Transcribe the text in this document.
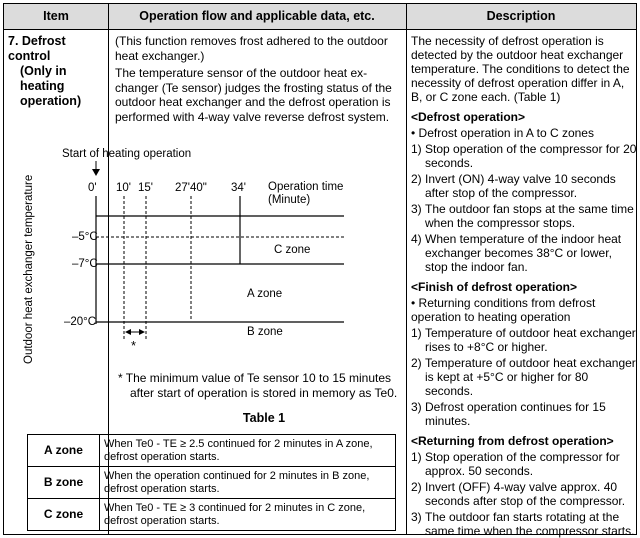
Item	Operation flow and applicable data, etc.	Description
7. Defrost control
(Only in heating
operation)

(This function removes frost adhered to the outdoor heat exchanger.)

The temperature sensor of the outdoor heat ex-changer (Te sensor) judges the frosting status of the outdoor heat exchanger and the defrost operation is performed with 4-way valve reverse defrost system.

Start of heating operation
Outdoor heat exchanger temperature	0' 10' 15' 27'40" 34' Operation time
(Minute)
–5°C
–7°C
–20°C
C zone
A zone
B zone
*
* The minimum value of Te sensor 10 to 15 minutes
after start of operation is stored in memory as Te0.
Table 1
A zone	When Te0 - TE ≥ 2.5 continued for 2 minutes in A zone, defrost operation starts.
B zone	When the operation continued for 2 minutes in B zone, defrost operation starts.
C zone	When Te0 - TE ≥ 3 continued for 2 minutes in C zone, defrost operation starts.

The necessity of defrost operation is detected by the outdoor heat exchanger temperature. The conditions to detect the necessity of defrost operation differ in A, B, or C zone each. (Table 1)

<Defrost operation>

• Defrost operation in A to C zones

1) Stop operation of the compressor for 20 seconds.
2) Invert (ON) 4-way valve 10 seconds after stop of the compressor.
3) The outdoor fan stops at the same time when the compressor stops.
4) When temperature of the indoor heat exchanger becomes 38°C or lower, stop the indoor fan.

<Finish of defrost operation>

• Returning conditions from defrost operation to heating operation

1) Temperature of outdoor heat exchanger rises to +8°C or higher.
2) Temperature of outdoor heat exchanger is kept at +5°C or higher for 80 seconds.
3) Defrost operation continues for 15 minutes.

<Returning from defrost operation>

1) Stop operation of the compressor for approx. 50 seconds.
2) Invert (OFF) 4-way valve approx. 40 seconds after stop of the compressor.
3) The outdoor fan starts rotating at the same time when the compressor starts.
